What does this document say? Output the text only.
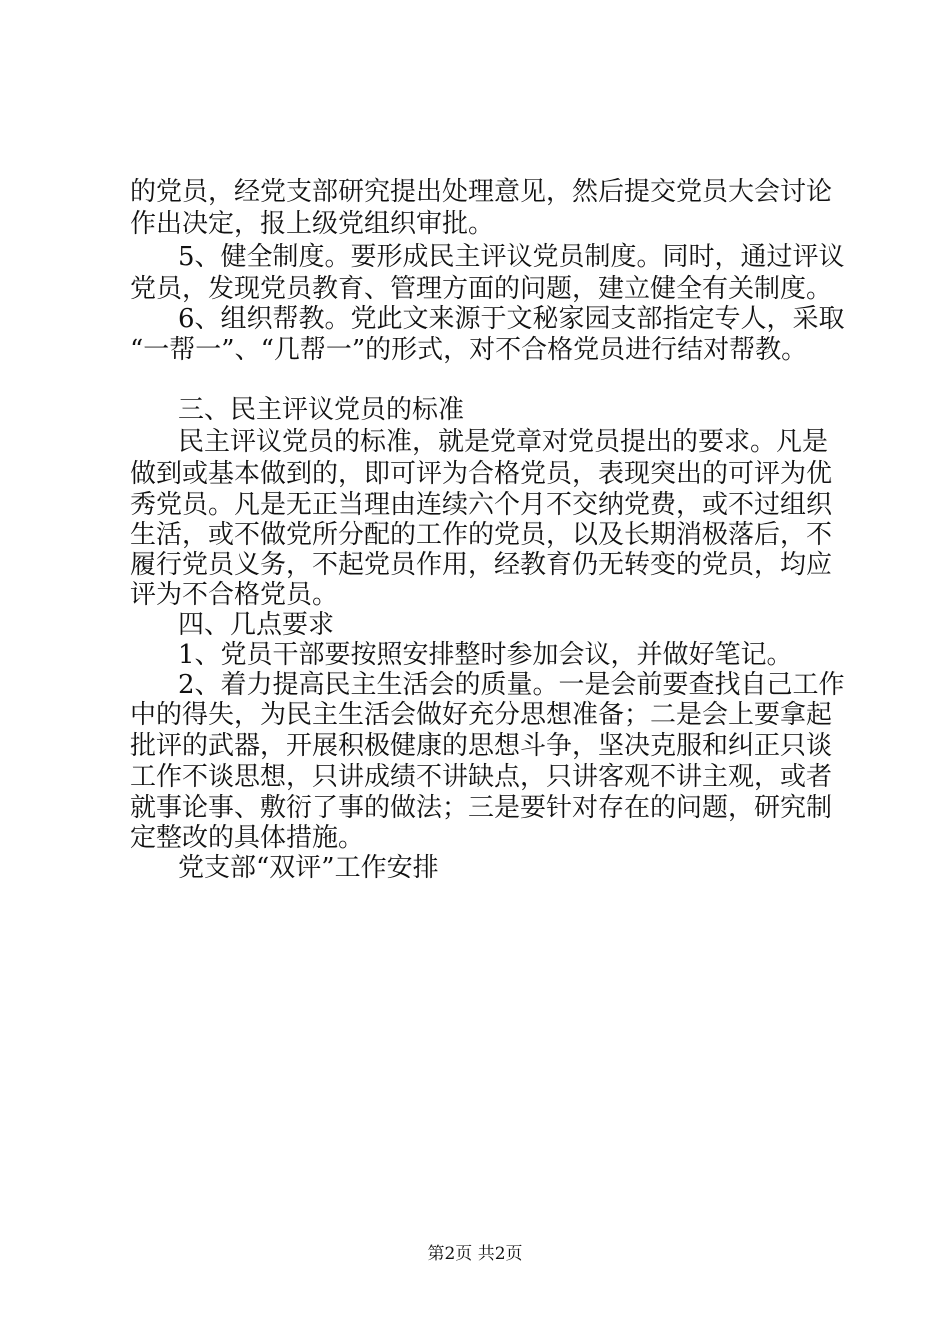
的党员，经党支部研究提出处理意见，然后提交党员大会讨论
作出决定，报上级党组织审批。
5、健全制度。要形成民主评议党员制度。同时，通过评议
党员，发现党员教育、管理方面的问题，建立健全有关制度。
6、组织帮教。党此文来源于文秘家园支部指定专人，采取
“一帮一”、“几帮一”的形式，对不合格党员进行结对帮教。
三、民主评议党员的标准
民主评议党员的标准，就是党章对党员提出的要求。凡是
做到或基本做到的，即可评为合格党员，表现突出的可评为优
秀党员。凡是无正当理由连续六个月不交纳党费，或不过组织
生活，或不做党所分配的工作的党员，以及长期消极落后，不
履行党员义务，不起党员作用，经教育仍无转变的党员，均应
评为不合格党员。
四、几点要求
1、党员干部要按照安排整时参加会议，并做好笔记。
2、着力提高民主生活会的质量。一是会前要查找自己工作
中的得失，为民主生活会做好充分思想准备；二是会上要拿起
批评的武器，开展积极健康的思想斗争，坚决克服和纠正只谈
工作不谈思想，只讲成绩不讲缺点，只讲客观不讲主观，或者
就事论事、敷衍了事的做法；三是要针对存在的问题，研究制
定整改的具体措施。
党支部“双评”工作安排
第2页 共2页
